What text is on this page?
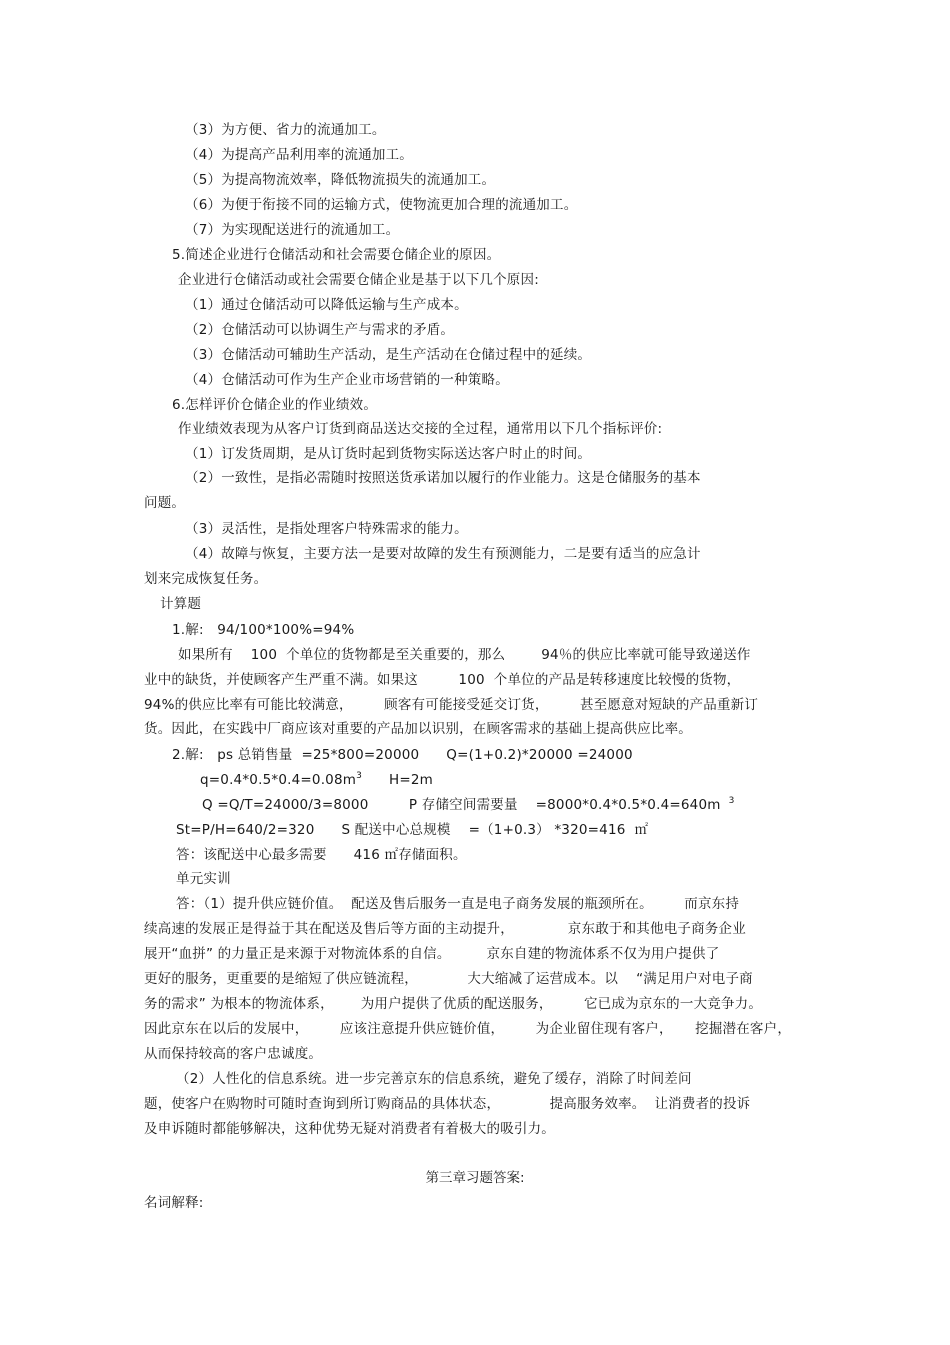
（3）为方便、省力的流通加工。
（4）为提高产品利用率的流通加工。
（5）为提高物流效率，降低物流损失的流通加工。
（6）为便于衔接不同的运输方式，使物流更加合理的流通加工。
（7）为实现配送进行的流通加工。
5.简述企业进行仓储活动和社会需要仓储企业的原因。
企业进行仓储活动或社会需要仓储企业是基于以下几个原因:
（1）通过仓储活动可以降低运输与生产成本。
（2）仓储活动可以协调生产与需求的矛盾。
（3）仓储活动可辅助生产活动，是生产活动在仓储过程中的延续。
（4）仓储活动可作为生产企业市场营销的一种策略。
6.怎样评价仓储企业的作业绩效。
作业绩效表现为从客户订货到商品送达交接的全过程，通常用以下几个指标评价:
（1）订发货周期，是从订货时起到货物实际送达客户时止的时间。
（2）一致性，是指必需随时按照送货承诺加以履行的作业能力。这是仓储服务的基本
问题。
（3）灵活性，是指处理客户特殊需求的能力。
（4）故障与恢复，主要方法一是要对故障的发生有预测能力，二是要有适当的应急计
划来完成恢复任务。
计算题
1.解:   94/100*100%=94%
如果所有    100  个单位的货物都是至关重要的，那么        94％的供应比率就可能导致递送作
业中的缺货，并使顾客产生严重不满。如果这         100  个单位的产品是转移速度比较慢的货物，
94%的供应比率有可能比较满意，       顾客有可能接受延交订货，       甚至愿意对短缺的产品重新订
货。因此，在实践中厂商应该对重要的产品加以识别，在顾客需求的基础上提高供应比率。
2.解:   ps 总销售量  =25*800=20000      Q=(1+0.2)*20000 =24000
$q=0.4*0.5*0.4=0.08m^3$      H=2m
Q =Q/T=24000/3=8000         P 存储空间需要量    =8000*0.4*0.5*0.4=640m $^3$
St=P/H=640/2=320      S 配送中心总规模    =（1+0.3） *320=416  ㎡
答：该配送中心最多需要      416 ㎡存储面积。
单元实训
答：（1）提升供应链价值。  配送及售后服务一直是电子商务发展的瓶颈所在。       而京东持
续高速的发展正是得益于其在配送及售后等方面的主动提升，            京东敢于和其他电子商务企业
展开“血拼” 的力量正是来源于对物流体系的自信。        京东自建的物流体系不仅为用户提供了
更好的服务，更重要的是缩短了供应链流程，           大大缩减了运营成本。以    “满足用户对电子商
务的需求” 为根本的物流体系，      为用户提供了优质的配送服务，       它已成为京东的一大竞争力。
因此京东在以后的发展中，       应该注意提升供应链价值，       为企业留住现有客户，     挖掘潜在客户，
从而保持较高的客户忠诚度。
（2）人性化的信息系统。进一步完善京东的信息系统，避免了缓存，消除了时间差问
题，使客户在购物时可随时查询到所订购商品的具体状态，           提高服务效率。  让消费者的投诉
及申诉随时都能够解决，这种优势无疑对消费者有着极大的吸引力。
第三章习题答案:
名词解释:
